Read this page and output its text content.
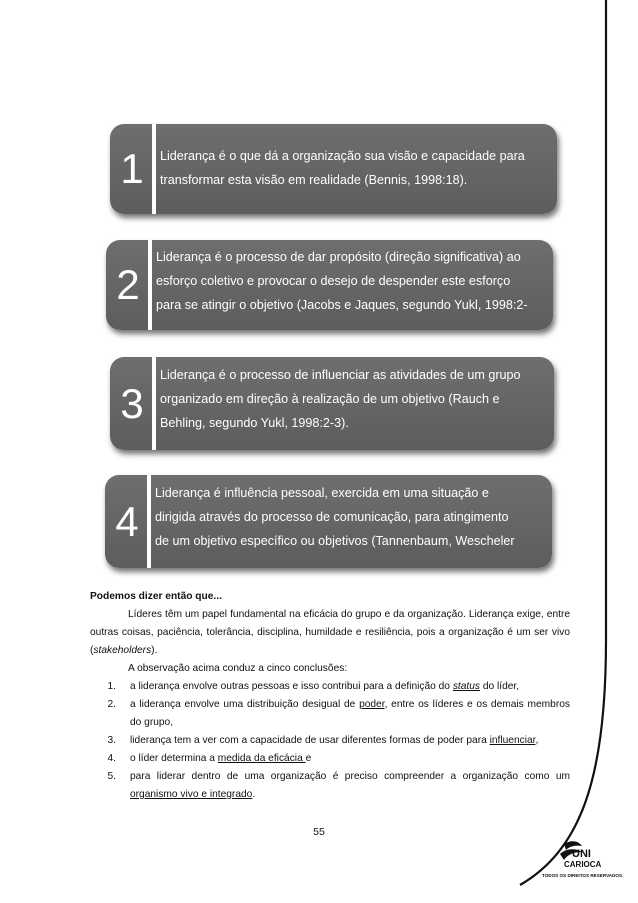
1	Liderança é o que dá a organização sua visão e capacidade para
transformar esta visão em realidade (Bennis, 1998:18).
2
Liderança é o processo de dar propósito (direção significativa) ao
esforço coletivo e provocar o desejo de despender este esforço
para se atingir o objetivo (Jacobs e Jaques, segundo Yukl, 1998:2-
3
Liderança é o processo de influenciar as atividades de um grupo
organizado em direção à realização de um objetivo (Rauch e
Behling, segundo Yukl, 1998:2-3).
4
Liderança é influência pessoal, exercida em uma situação e
dirigida através do processo de comunicação, para atingimento
de um objetivo específico ou objetivos (Tannenbaum, Wescheler
Podemos dizer então que...
Líderes têm um papel fundamental na eficácia do grupo e da organização. Liderança exige, entre outras coisas, paciência, tolerância, disciplina, humildade e resiliência, pois a organização é um ser vivo (stakeholders).
A observação acima conduz a cinco conclusões:
1. a liderança envolve outras pessoas e isso contribui para a definição do status do líder,
2. a liderança envolve uma distribuição desigual de poder, entre os líderes e os demais membros do grupo,
3. liderança tem a ver com a capacidade de usar diferentes formas de poder para influenciar,
4. o líder determina a medida da eficácia e
5. para liderar dentro de uma organização é preciso compreender a organização como um organismo vivo e integrado.
55
UNI
CARIOCA
TODOS OS DIREITOS RESERVADOS.
